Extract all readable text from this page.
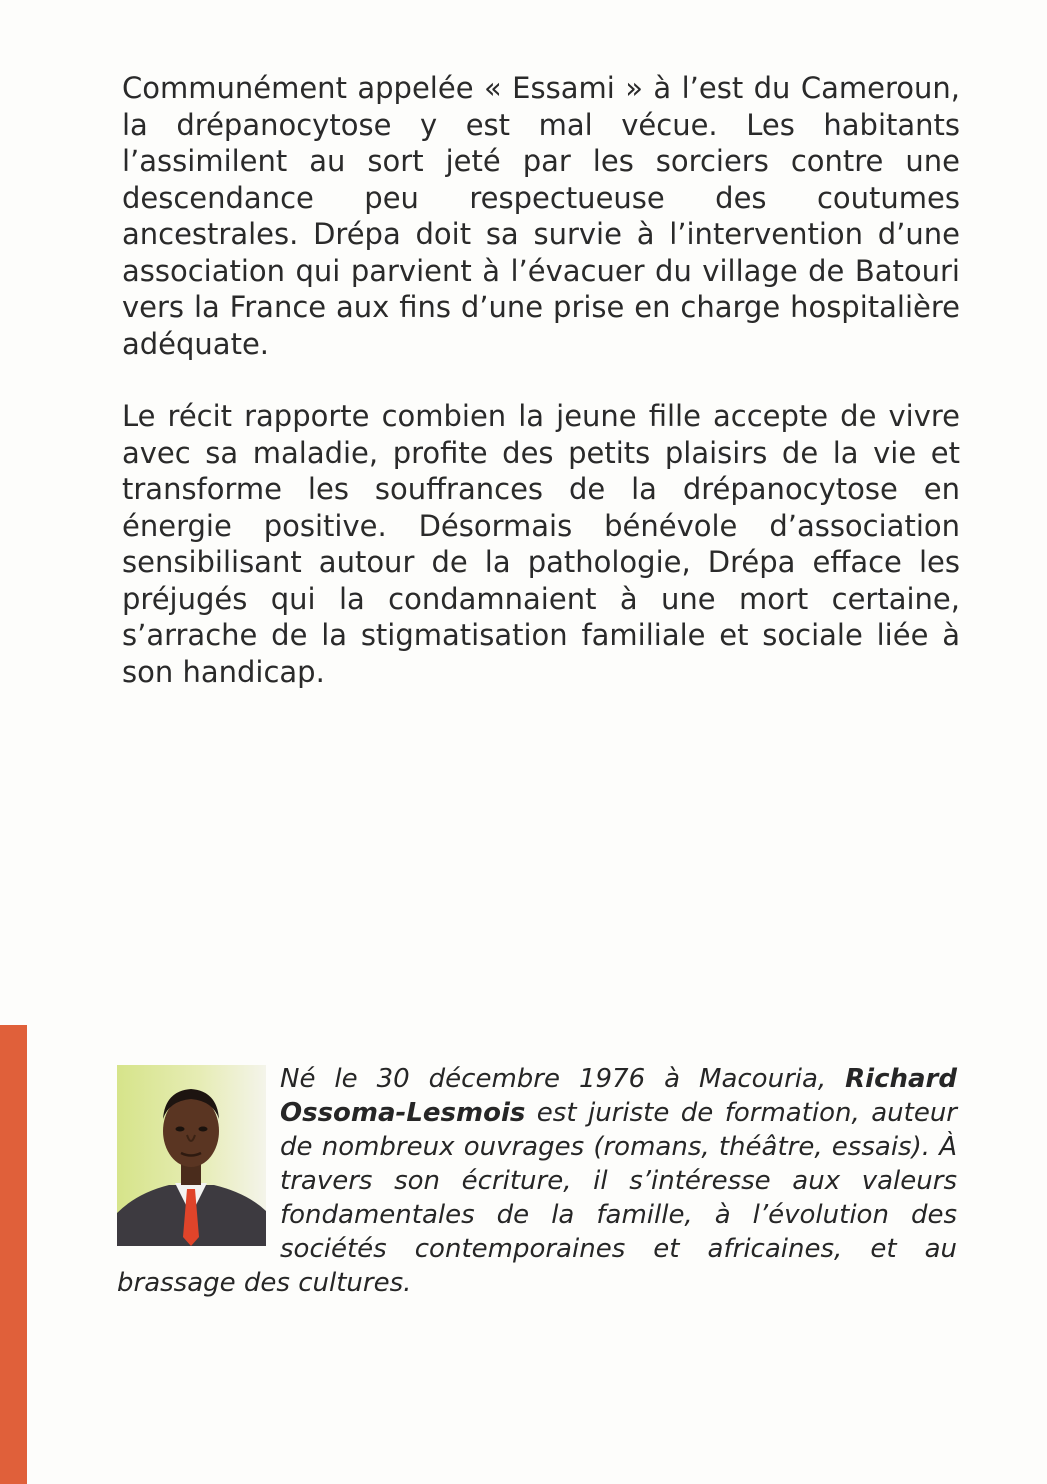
Communément appelée « Essami » à l’est du Cameroun, la drépanocytose y est mal vécue. Les habitants l’assimilent au sort jeté par les sorciers contre une descendance peu respectueuse des coutumes ancestrales. Drépa doit sa survie à l’intervention d’une association qui parvient à l’évacuer du village de Batouri vers la France aux fins d’une prise en charge hospitalière adéquate.

Le récit rapporte combien la jeune fille accepte de vivre avec sa maladie, profite des petits plaisirs de la vie et transforme les souffrances de la drépanocytose en énergie positive. Désormais bénévole d’association sensibilisant autour de la pathologie, Drépa efface les préjugés qui la condamnaient à une mort certaine, s’arrache de la stigmatisation familiale et sociale liée à son handicap.

Né le 30 décembre 1976 à Macouria, Richard Ossoma-Lesmois est juriste de formation, auteur de nombreux ouvrages (romans, théâtre, essais). À travers son écriture, il s’intéresse aux valeurs fondamentales de la famille, à l’évolution des sociétés contemporaines et africaines, et au brassage des cultures.
